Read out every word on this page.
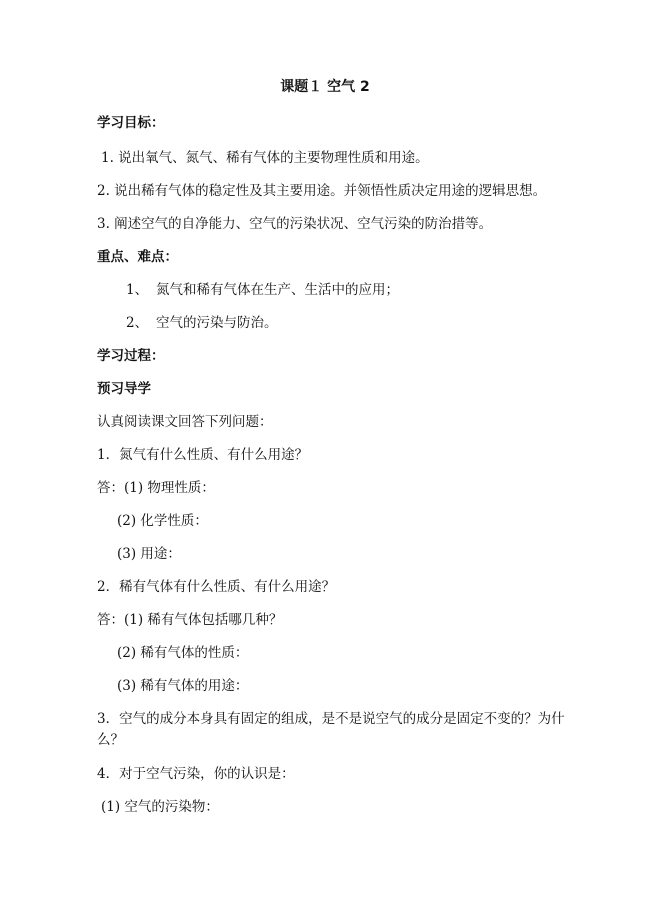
课题１ 空气 2
学习目标：
1. 说出氧气、氮气、稀有气体的主要物理性质和用途。
2. 说出稀有气体的稳定性及其主要用途。并领悟性质决定用途的逻辑思想。
3. 阐述空气的自净能力、空气的污染状况、空气污染的防治措等。
重点、难点：
1、 氮气和稀有气体在生产、生活中的应用；
2、 空气的污染与防治。
学习过程：
预习导学
认真阅读课文回答下列问题：
1．氮气有什么性质、有什么用途？
答：(1) 物理性质：
(2) 化学性质：
(3) 用途：
2．稀有气体有什么性质、有什么用途？
答：(1) 稀有气体包括哪几种？
(2) 稀有气体的性质：
(3) 稀有气体的用途：
3．空气的成分本身具有固定的组成，是不是说空气的成分是固定不变的？为什
么？
4．对于空气污染，你的认识是：
(1) 空气的污染物：
